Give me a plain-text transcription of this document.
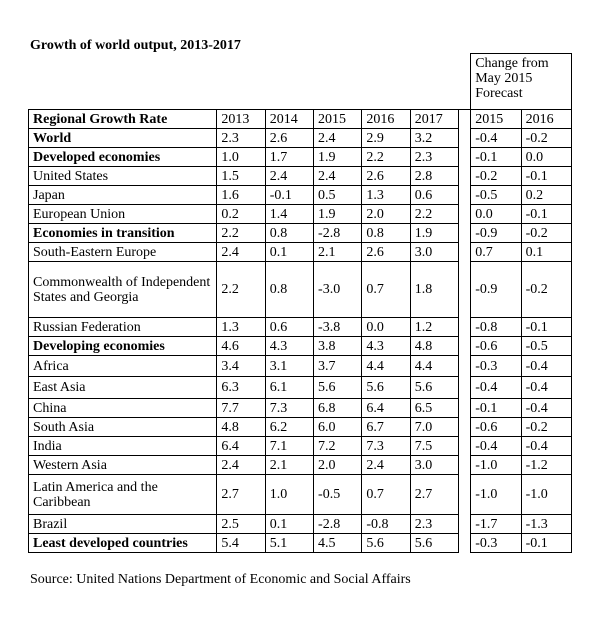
Growth of world output, 2013-2017
							Change from May 2015 Forecast	
Regional Growth Rate	2013	2014	2015	2016	2017		2015	2016
World	2.3	2.6	2.4	2.9	3.2		-0.4	-0.2
Developed economies	1.0	1.7	1.9	2.2	2.3		-0.1	0.0
United States	1.5	2.4	2.4	2.6	2.8		-0.2	-0.1
Japan	1.6	-0.1	0.5	1.3	0.6		-0.5	0.2
European Union	0.2	1.4	1.9	2.0	2.2		0.0	-0.1
Economies in transition	2.2	0.8	-2.8	0.8	1.9		-0.9	-0.2
South-Eastern Europe	2.4	0.1	2.1	2.6	3.0		0.7	0.1
Commonwealth of Independent States and Georgia	2.2	0.8	-3.0	0.7	1.8		-0.9	-0.2
Russian Federation	1.3	0.6	-3.8	0.0	1.2		-0.8	-0.1
Developing economies	4.6	4.3	3.8	4.3	4.8		-0.6	-0.5
Africa	3.4	3.1	3.7	4.4	4.4		-0.3	-0.4
East Asia	6.3	6.1	5.6	5.6	5.6		-0.4	-0.4
China	7.7	7.3	6.8	6.4	6.5		-0.1	-0.4
South Asia	4.8	6.2	6.0	6.7	7.0		-0.6	-0.2
India	6.4	7.1	7.2	7.3	7.5		-0.4	-0.4
Western Asia	2.4	2.1	2.0	2.4	3.0		-1.0	-1.2
Latin America and the Caribbean	2.7	1.0	-0.5	0.7	2.7		-1.0	-1.0
Brazil	2.5	0.1	-2.8	-0.8	2.3		-1.7	-1.3
Least developed countries	5.4	5.1	4.5	5.6	5.6		-0.3	-0.1
Source: United Nations Department of Economic and Social Affairs
